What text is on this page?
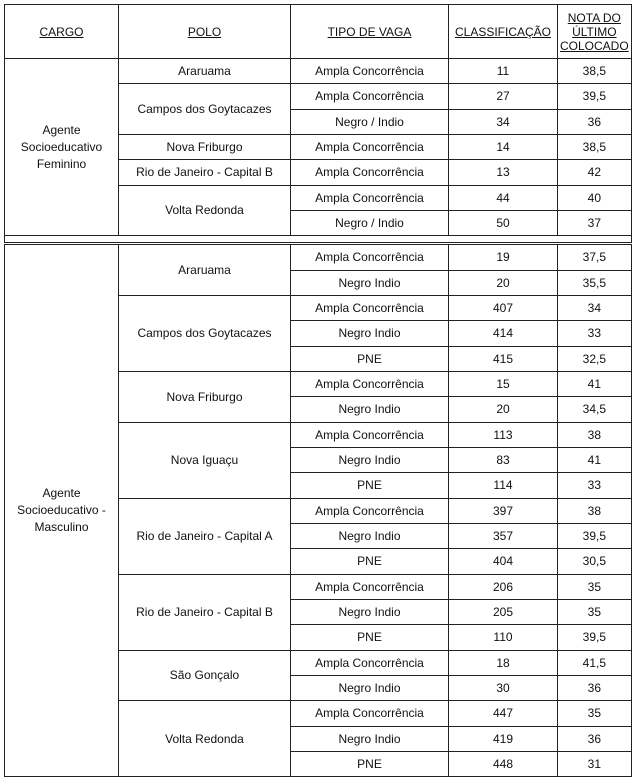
CARGO	POLO	TIPO DE VAGA	CLASSIFICAÇÃO	NOTA DO ÚLTIMO COLOCADO
Agente Socioeducativo Feminino	Araruama	Ampla Concorrência	11	38,5
	Campos dos Goytacazes	Ampla Concorrência	27	39,5
		Negro / Indio	34	36
	Nova Friburgo	Ampla Concorrência	14	38,5
	Rio de Janeiro - Capital B	Ampla Concorrência	13	42
	Volta Redonda	Ampla Concorrência	44	40
		Negro / Indio	50	37

Agente Socioeducativo - Masculino	Araruama	Ampla Concorrência	19	37,5
		Negro Indio	20	35,5
	Campos dos Goytacazes	Ampla Concorrência	407	34
		Negro Indio	414	33
		PNE	415	32,5
	Nova Friburgo	Ampla Concorrência	15	41
		Negro Indio	20	34,5
	Nova Iguaçu	Ampla Concorrência	113	38
		Negro Indio	83	41
		PNE	114	33
	Rio de Janeiro - Capital A	Ampla Concorrência	397	38
		Negro Indio	357	39,5
		PNE	404	30,5
	Rio de Janeiro - Capital B	Ampla Concorrência	206	35
		Negro Indio	205	35
		PNE	110	39,5
	São Gonçalo	Ampla Concorrência	18	41,5
		Negro Indio	30	36
	Volta Redonda	Ampla Concorrência	447	35
		Negro Indio	419	36
		PNE	448	31
